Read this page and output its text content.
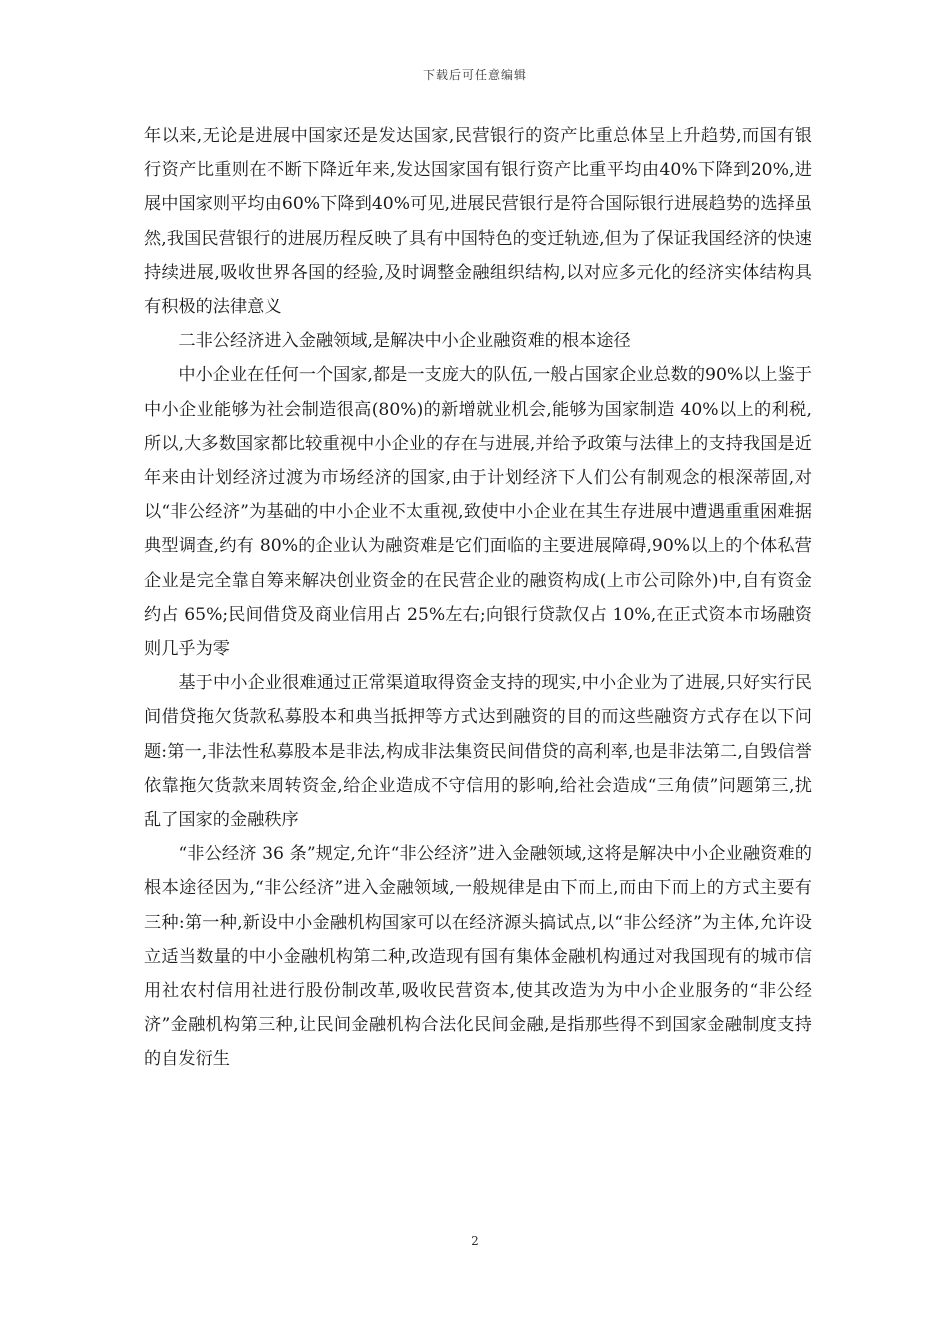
下载后可任意编辑

年以来,无论是进展中国家还是发达国家,民营银行的资产比重总体呈上升趋势,而国有银行资产比重则在不断下降近年来,发达国家国有银行资产比重平均由40%下降到20%,进展中国家则平均由60%下降到40%可见,进展民营银行是符合国际银行进展趋势的选择虽然,我国民营银行的进展历程反映了具有中国特色的变迁轨迹,但为了保证我国经济的快速持续进展,吸收世界各国的经验,及时调整金融组织结构,以对应多元化的经济实体结构具有积极的法律意义

二非公经济进入金融领域,是解决中小企业融资难的根本途径

中小企业在任何一个国家,都是一支庞大的队伍,一般占国家企业总数的90%以上鉴于中小企业能够为社会制造很高(80%)的新增就业机会,能够为国家制造 40%以上的利税,所以,大多数国家都比较重视中小企业的存在与进展,并给予政策与法律上的支持我国是近年来由计划经济过渡为市场经济的国家,由于计划经济下人们公有制观念的根深蒂固,对以“非公经济”为基础的中小企业不太重视,致使中小企业在其生存进展中遭遇重重困难据典型调查,约有 80%的企业认为融资难是它们面临的主要进展障碍,90%以上的个体私营企业是完全靠自筹来解决创业资金的在民营企业的融资构成(上市公司除外)中,自有资金约占 65%;民间借贷及商业信用占 25%左右;向银行贷款仅占 10%,在正式资本市场融资则几乎为零

基于中小企业很难通过正常渠道取得资金支持的现实,中小企业为了进展,只好实行民间借贷拖欠货款私募股本和典当抵押等方式达到融资的目的而这些融资方式存在以下问题:第一,非法性私募股本是非法,构成非法集资民间借贷的高利率,也是非法第二,自毁信誉依靠拖欠货款来周转资金,给企业造成不守信用的影响,给社会造成“三角债”问题第三,扰乱了国家的金融秩序

“非公经济 36 条”规定,允许“非公经济”进入金融领域,这将是解决中小企业融资难的根本途径因为,“非公经济”进入金融领域,一般规律是由下而上,而由下而上的方式主要有三种:第一种,新设中小金融机构国家可以在经济源头搞试点,以“非公经济”为主体,允许设立适当数量的中小金融机构第二种,改造现有国有集体金融机构通过对我国现有的城市信用社农村信用社进行股份制改革,吸收民营资本,使其改造为为中小企业服务的“非公经济”金融机构第三种,让民间金融机构合法化民间金融,是指那些得不到国家金融制度支持的自发衍生

2
